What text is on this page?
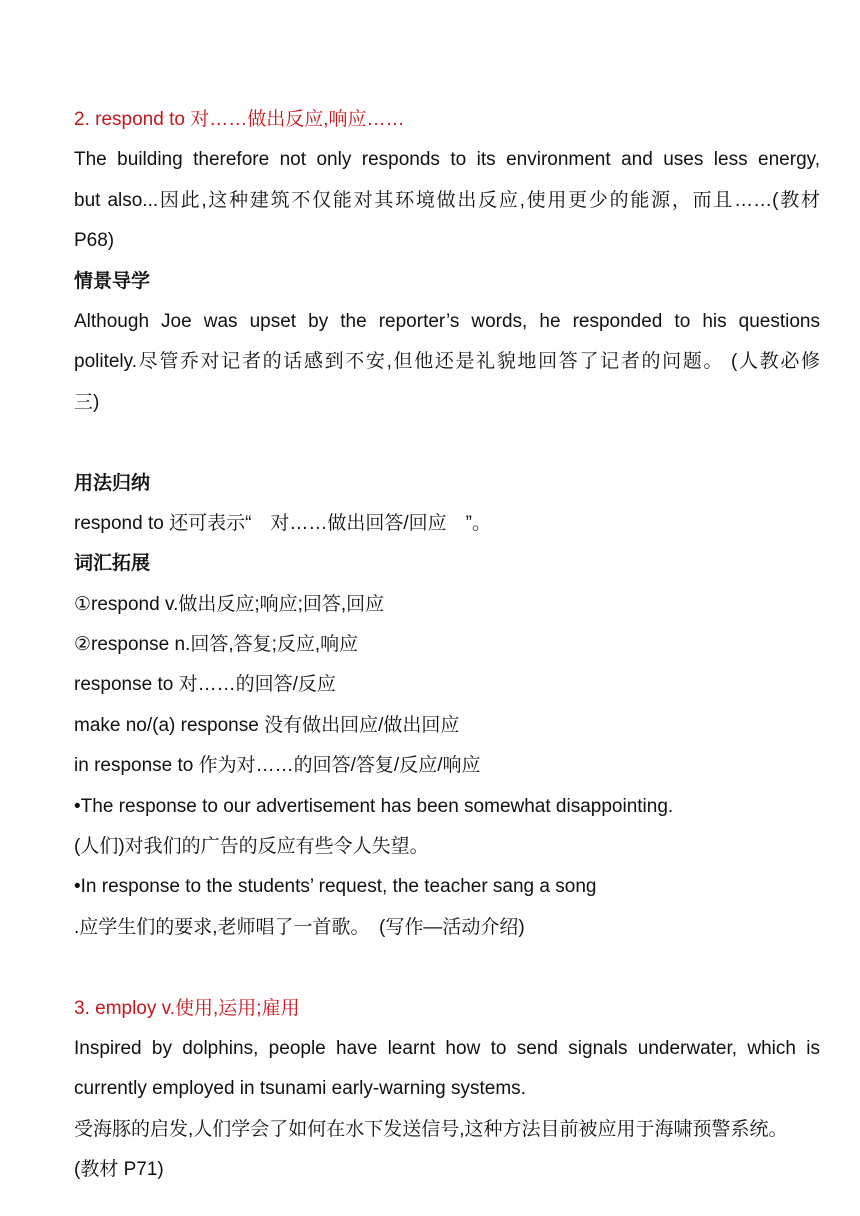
2. respond to 对……做出反应,响应……
The building therefore not only responds to its environment and uses less energy,
but also...因此,这种建筑不仅能对其环境做出反应,使用更少的能源，而且……(教材
P68)
情景导学
Although Joe was upset by the reporter’s words, he responded to his questions
politely.尽管乔对记者的话感到不安,但他还是礼貌地回答了记者的问题。 (人教必修
三)
用法归纳
respond to 还可表示“　对……做出回答/回应　”。
词汇拓展
①respond v.做出反应;响应;回答,回应
②response n.回答,答复;反应,响应
response to 对……的回答/反应
make no/(a) response 没有做出回应/做出回应
in response to 作为对……的回答/答复/反应/响应
•The response to our advertisement has been somewhat disappointing.
(人们)对我们的广告的反应有些令人失望。
•In response to the students’ request, the teacher sang a song
.应学生们的要求,老师唱了一首歌。　(写作—活动介绍)
3. employ v.使用,运用;雇用
Inspired by dolphins, people have learnt how to send signals underwater, which is
currently employed in tsunami early-warning systems.
受海豚的启发,人们学会了如何在水下发送信号,这种方法目前被应用于海啸预警系统。
(教材 P71)
